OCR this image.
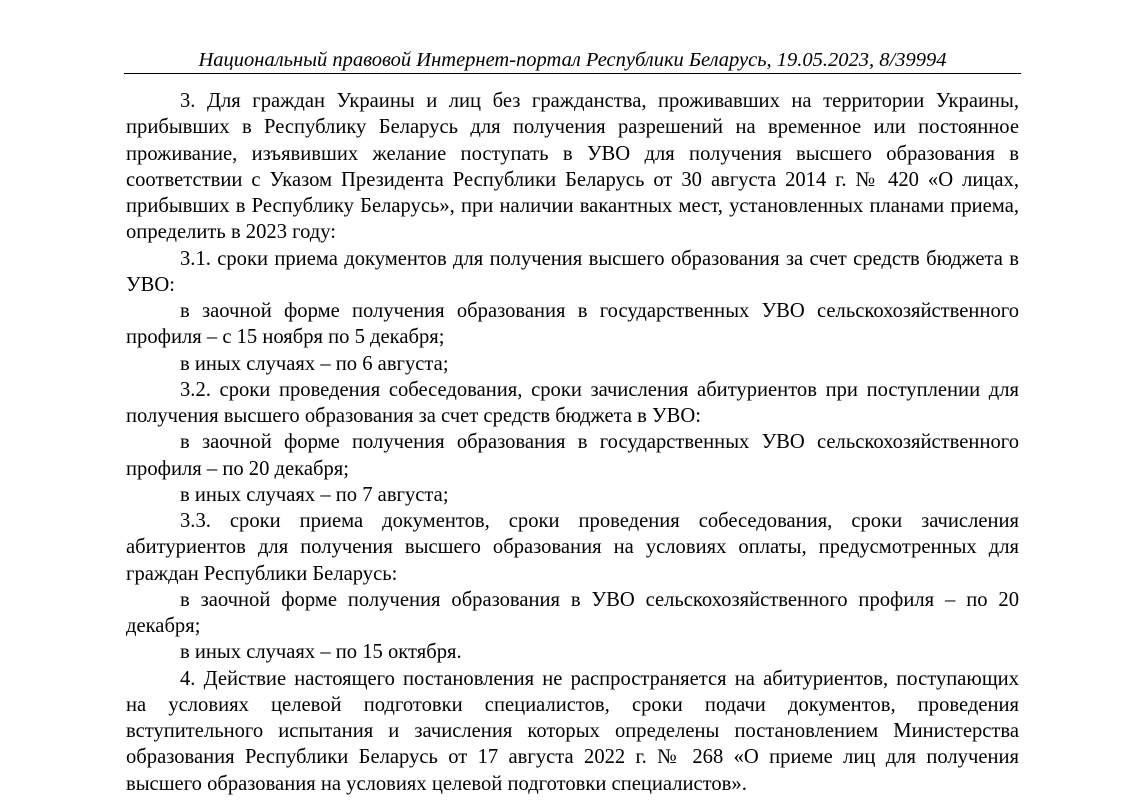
Национальный правовой Интернет-портал Республики Беларусь, 19.05.2023, 8/39994

3. Для граждан Украины и лиц без гражданства, проживавших на территории Украины, прибывших в Республику Беларусь для получения разрешений на временное или постоянное проживание, изъявивших желание поступать в УВО для получения высшего образования в соответствии с Указом Президента Республики Беларусь от 30 августа 2014 г. № 420 «О лицах, прибывших в Республику Беларусь», при наличии вакантных мест, установленных планами приема, определить в 2023 году:

3.1. сроки приема документов для получения высшего образования за счет средств бюджета в УВО:

в заочной форме получения образования в государственных УВО сельскохозяйственного профиля – с 15 ноября по 5 декабря;

в иных случаях – по 6 августа;

3.2. сроки проведения собеседования, сроки зачисления абитуриентов при поступлении для получения высшего образования за счет средств бюджета в УВО:

в заочной форме получения образования в государственных УВО сельскохозяйственного профиля – по 20 декабря;

в иных случаях – по 7 августа;

3.3. сроки приема документов, сроки проведения собеседования, сроки зачисления абитуриентов для получения высшего образования на условиях оплаты, предусмотренных для граждан Республики Беларусь:

в заочной форме получения образования в УВО сельскохозяйственного профиля – по 20 декабря;

в иных случаях – по 15 октября.

4. Действие настоящего постановления не распространяется на абитуриентов, поступающих на условиях целевой подготовки специалистов, сроки подачи документов, проведения вступительного испытания и зачисления которых определены постановлением Министерства образования Республики Беларусь от 17 августа 2022 г. № 268 «О приеме лиц для получения высшего образования на условиях целевой подготовки специалистов».
